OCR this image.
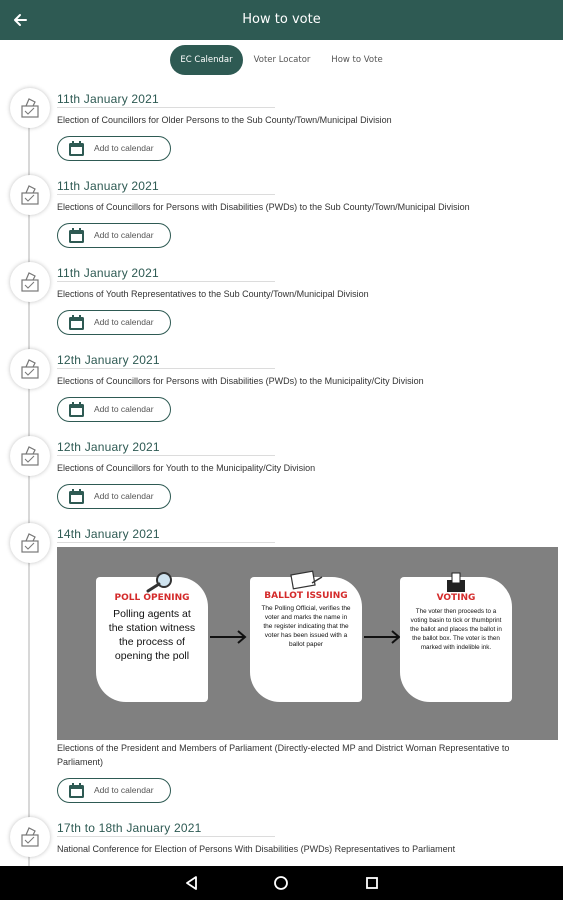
How to vote
EC Calendar	Voter Locator	How to Vote
11th January 2021
Election of Councillors for Older Persons to the Sub County/Town/Municipal Division
Add to calendar
11th January 2021
Elections of Councillors for Persons with Disabilities (PWDs) to the Sub County/Town/Municipal Division
Add to calendar
11th January 2021
Elections of Youth Representatives to the Sub County/Town/Municipal Division
Add to calendar
12th January 2021
Elections of Councillors for Persons with Disabilities (PWDs) to the Municipality/City Division
Add to calendar
12th January 2021
Elections of Councillors for Youth to the Municipality/City Division
Add to calendar
14th January 2021
POLL OPENING
Polling agents at the station witness the process of opening the poll
BALLOT ISSUING
The Polling Official, verifies the voter and marks the name in the register indicating that the voter has been issued with a ballot paper
VOTING
The voter then proceeds to a voting basin to tick or thumbprint the ballot and places the ballot in the ballot box. The voter is then marked with indelible ink.
Elections of the President and Members of Parliament (Directly-elected MP and District Woman Representative to Parliament)
Add to calendar
17th to 18th January 2021
National Conference for Election of Persons With Disabilities (PWDs) Representatives to Parliament
